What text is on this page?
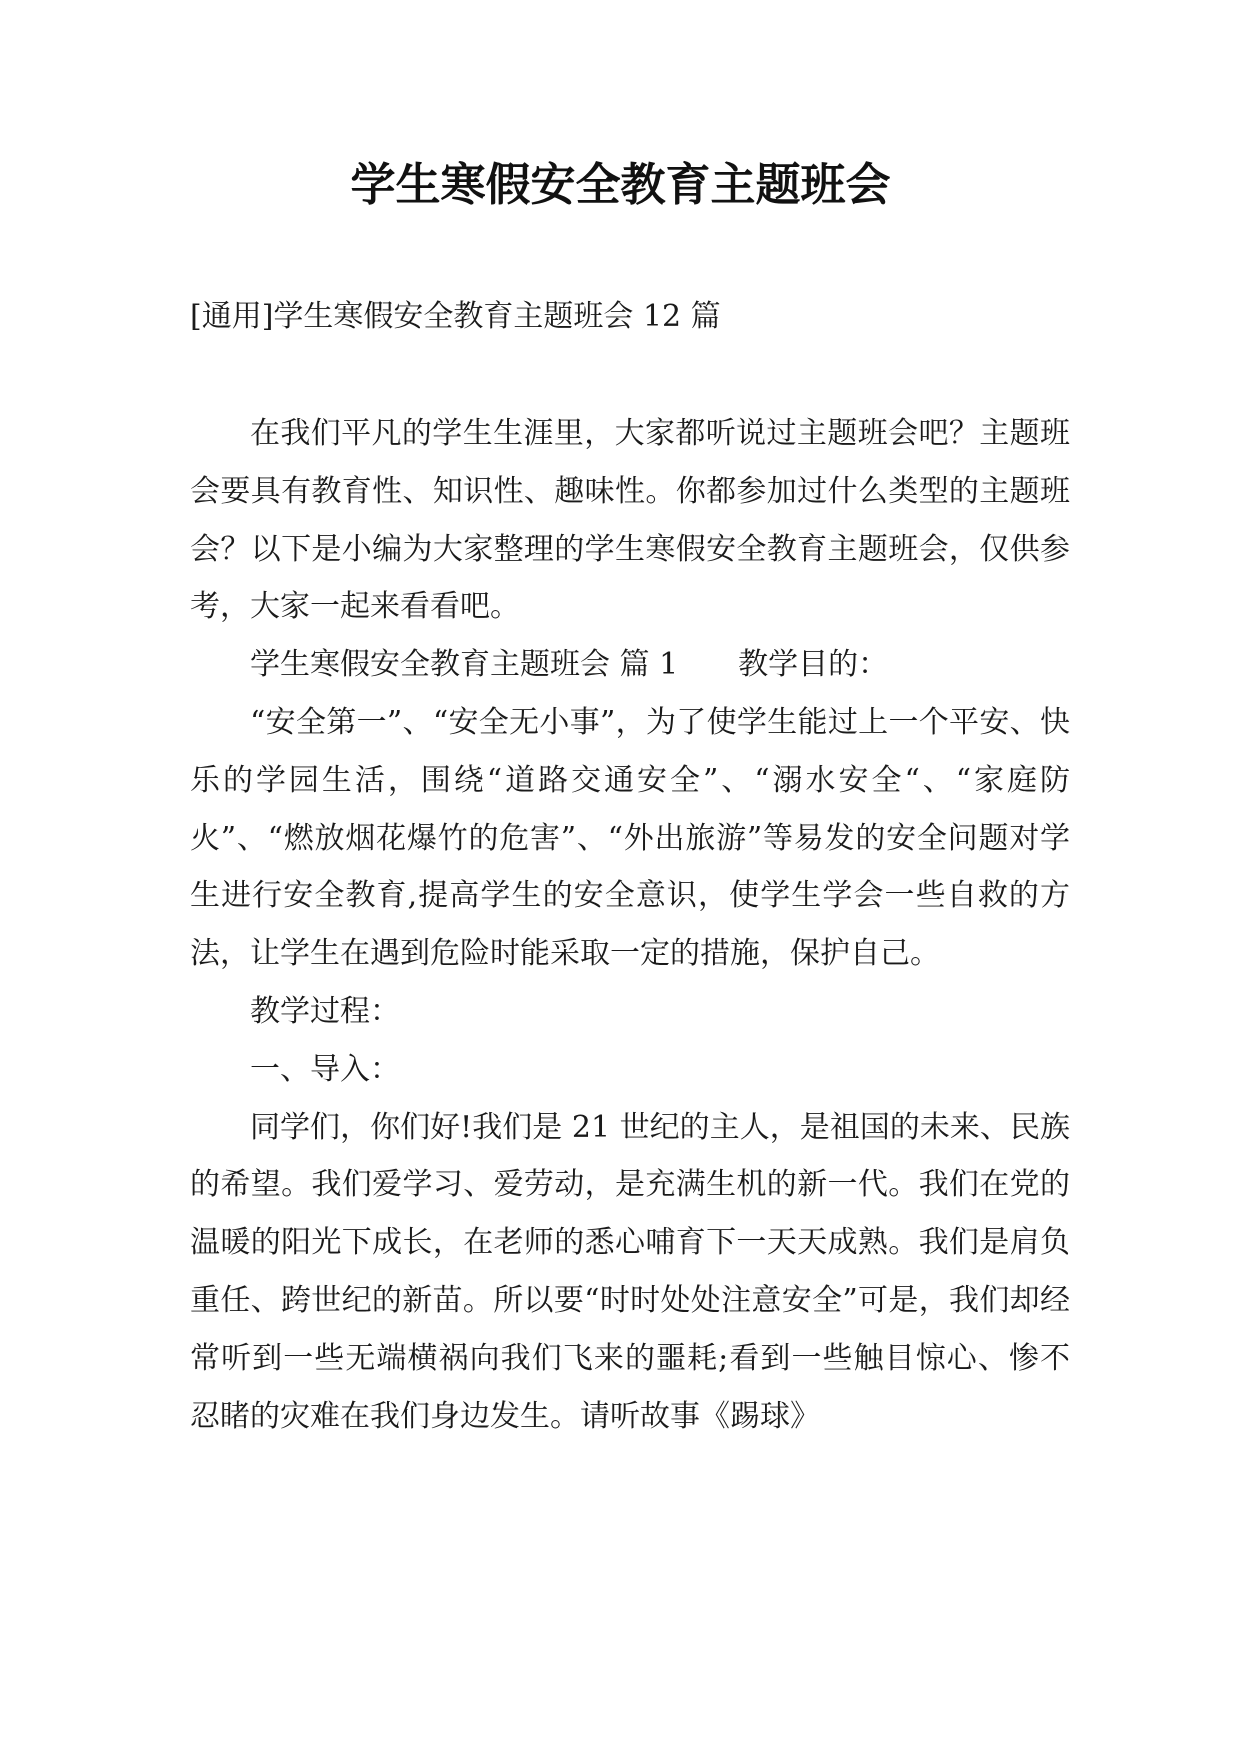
学生寒假安全教育主题班会

[通用]学生寒假安全教育主题班会 12 篇

在我们平凡的学生生涯里，大家都听说过主题班会吧？主题班会要具有教育性、知识性、趣味性。你都参加过什么类型的主题班会？以下是小编为大家整理的学生寒假安全教育主题班会，仅供参考，大家一起来看看吧。

学生寒假安全教育主题班会 篇 1　　教学目的：

“安全第一”、“安全无小事”，为了使学生能过上一个平安、快乐的学园生活，围绕“道路交通安全”、“溺水安全“、“家庭防火”、“燃放烟花爆竹的危害”、“外出旅游”等易发的安全问题对学生进行安全教育,提高学生的安全意识，使学生学会一些自救的方法，让学生在遇到危险时能采取一定的措施，保护自己。

教学过程：

一、导入：

同学们，你们好!我们是 21 世纪的主人，是祖国的未来、民族的希望。我们爱学习、爱劳动，是充满生机的新一代。我们在党的温暖的阳光下成长，在老师的悉心哺育下一天天成熟。我们是肩负重任、跨世纪的新苗。所以要“时时处处注意安全”可是，我们却经常听到一些无端横祸向我们飞来的噩耗;看到一些触目惊心、惨不忍睹的灾难在我们身边发生。请听故事《踢球》
